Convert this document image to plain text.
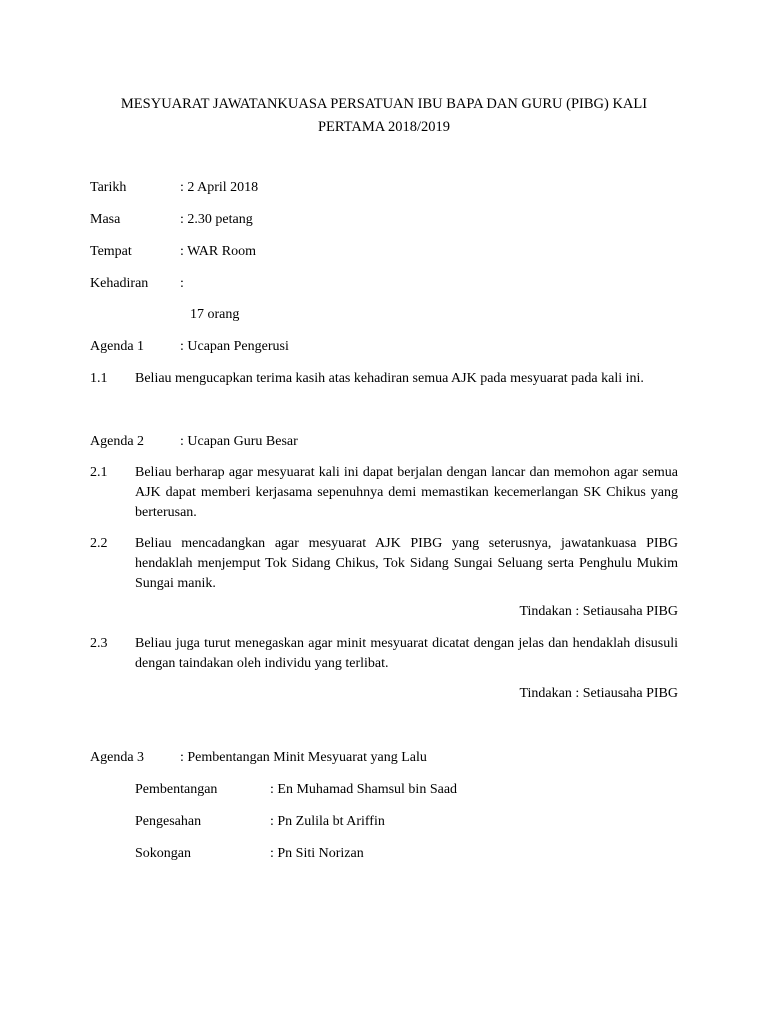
MESYUARAT JAWATANKUASA PERSATUAN IBU BAPA DAN GURU (PIBG) KALI
PERTAMA 2018/2019
Tarikh	: 2 April 2018
Masa	: 2.30 petang
Tempat	: WAR Room
Kehadiran :
17 orang
Agenda 1	: Ucapan Pengerusi
1.1 Beliau mengucapkan terima kasih atas kehadiran semua AJK pada mesyuarat pada kali ini.
Agenda 2	: Ucapan Guru Besar
2.1 Beliau berharap agar mesyuarat kali ini dapat berjalan dengan lancar dan memohon agar semua AJK dapat memberi kerjasama sepenuhnya demi memastikan kecemerlangan SK Chikus yang berterusan.
2.2 Beliau mencadangkan agar mesyuarat AJK PIBG yang seterusnya, jawatankuasa PIBG hendaklah menjemput Tok Sidang Chikus, Tok Sidang Sungai Seluang serta Penghulu Mukim Sungai manik.
Tindakan : Setiausaha PIBG
2.3 Beliau juga turut menegaskan agar minit mesyuarat dicatat dengan jelas dan hendaklah disusuli dengan taindakan oleh individu yang terlibat.
Tindakan : Setiausaha PIBG
Agenda 3	: Pembentangan Minit Mesyuarat yang Lalu
Pembentangan	: En Muhamad Shamsul bin Saad
Pengesahan	: Pn Zulila bt Ariffin
Sokongan	: Pn Siti Norizan
